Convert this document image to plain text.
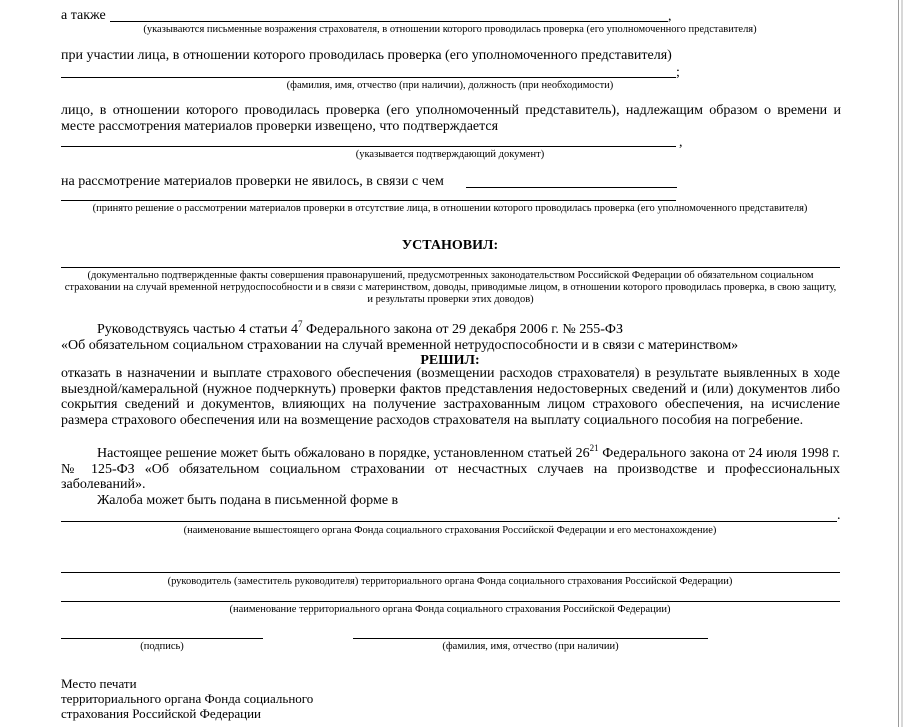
а также	,
(указываются письменные возражения страхователя, в отношении которого проводилась проверка (его уполномоченного представителя)
при участии лица, в отношении которого проводилась проверка (его уполномоченного представителя)
;
(фамилия, имя, отчество (при наличии), должность (при необходимости)
лицо, в отношении которого проводилась проверка (его уполномоченный представитель), надлежащим образом о времени и месте рассмотрения материалов проверки извещено, что подтверждается
,
(указывается подтверждающий документ)
на рассмотрение материалов проверки не явилось, в связи с чем
(принято решение о рассмотрении материалов проверки в отсутствие лица, в отношении которого проводилась проверка (его уполномоченного представителя)
УСТАНОВИЛ:
(документально подтвержденные факты совершения правонарушений, предусмотренных законодательством Российской Федерации об обязательном социальном страховании на случай временной нетрудоспособности и в связи с материнством, доводы, приводимые лицом, в отношении которого проводилась проверка, в свою защиту, и результаты проверки этих доводов)
Руководствуясь частью 4 статьи $4^7$ Федерального закона от 29 декабря 2006 г. № 255-ФЗ
«Об обязательном социальном страховании на случай временной нетрудоспособности и в связи с материнством»
РЕШИЛ:
отказать в назначении и выплате страхового обеспечения (возмещении расходов страхователя) в результате выявленных в ходе выездной/камеральной (нужное подчеркнуть) проверки фактов представления недостоверных сведений и (или) документов либо сокрытия сведений и документов, влияющих на получение застрахованным лицом страхового обеспечения, на исчисление размера страхового обеспечения или на возмещение расходов страхователя на выплату социального пособия на погребение.
Настоящее решение может быть обжаловано в порядке, установленном статьей $26^{21}$ Федерального закона от 24 июля 1998 г. № 125-ФЗ «Об обязательном социальном страховании от несчастных случаев на производстве и профессиональных заболеваний».
Жалоба может быть подана в письменной форме в
.
(наименование вышестоящего органа Фонда социального страхования Российской Федерации и его местонахождение)
(руководитель (заместитель руководителя) территориального органа Фонда социального страхования Российской Федерации)
(наименование территориального органа Фонда социального страхования Российской Федерации)
(подпись)	(фамилия, имя, отчество (при наличии)
Место печати
территориального органа Фонда социального
страхования Российской Федерации
